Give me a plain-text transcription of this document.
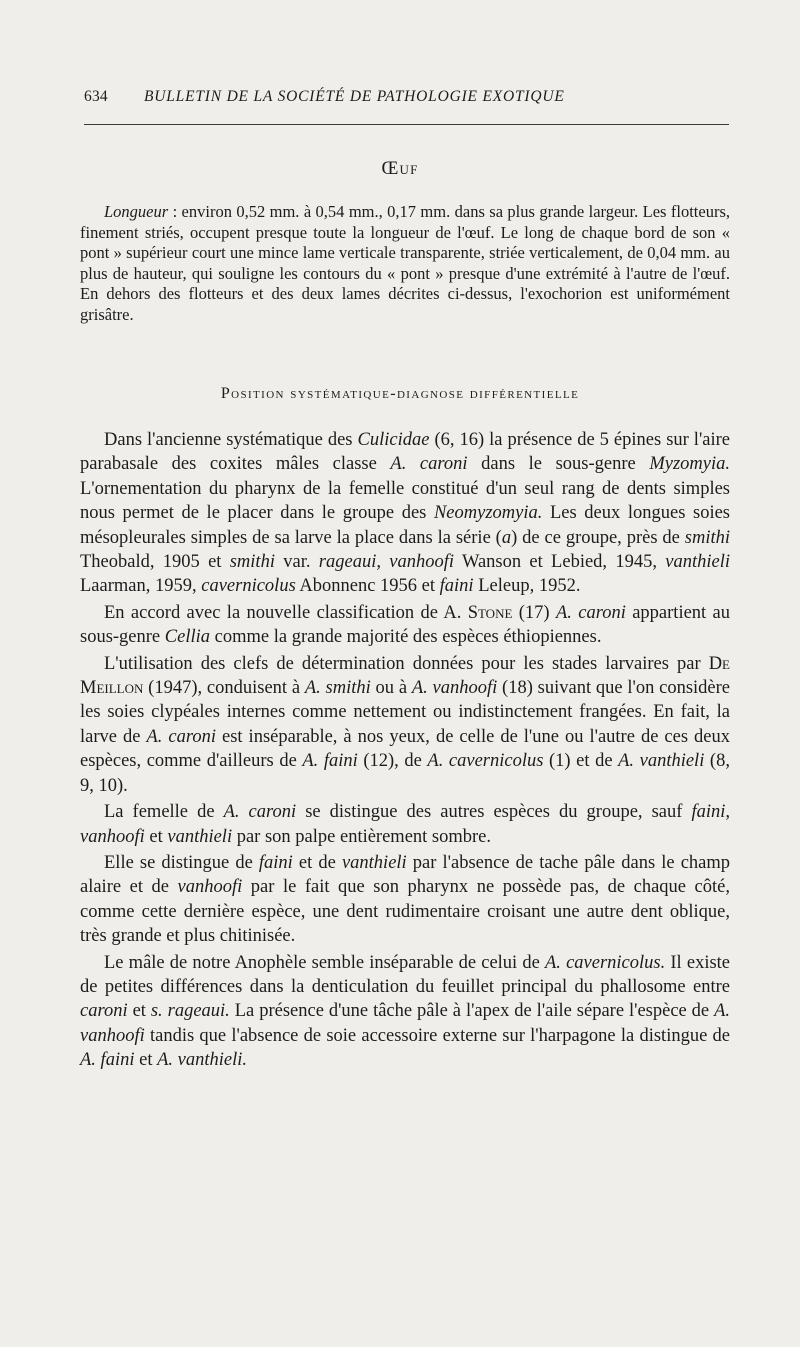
634	BULLETIN DE LA SOCIÉTÉ DE PATHOLOGIE EXOTIQUE
Œuf

Longueur : environ 0,52 mm. à 0,54 mm., 0,17 mm. dans sa plus grande largeur. Les flotteurs, finement striés, occupent presque toute la longueur de l'œuf. Le long de chaque bord de son « pont » supérieur court une mince lame verticale transparente, striée verticalement, de 0,04 mm. au plus de hauteur, qui souligne les contours du « pont » presque d'une extrémité à l'autre de l'œuf. En dehors des flotteurs et des deux lames décrites ci-dessus, l'exochorion est uniformément grisâtre.

Position systématique-diagnose différentielle

Dans l'ancienne systématique des Culicidae (6, 16) la présence de 5 épines sur l'aire parabasale des coxites mâles classe A. caroni dans le sous-genre Myzomyia. L'ornementation du pharynx de la femelle constitué d'un seul rang de dents simples nous permet de le placer dans le groupe des Neomyzomyia. Les deux longues soies mésopleurales simples de sa larve la place dans la série (a) de ce groupe, près de smithi Theobald, 1905 et smithi var. rageaui, vanhoofi Wanson et Lebied, 1945, vanthieli Laarman, 1959, cavernicolus Abonnenc 1956 et faini Leleup, 1952.

En accord avec la nouvelle classification de A. Stone (17) A. caroni appartient au sous-genre Cellia comme la grande majorité des espèces éthiopiennes.

L'utilisation des clefs de détermination données pour les stades larvaires par De Meillon (1947), conduisent à A. smithi ou à A. vanhoofi (18) suivant que l'on considère les soies clypéales internes comme nettement ou indistinctement frangées. En fait, la larve de A. caroni est inséparable, à nos yeux, de celle de l'une ou l'autre de ces deux espèces, comme d'ailleurs de A. faini (12), de A. cavernicolus (1) et de A. vanthieli (8, 9, 10).

La femelle de A. caroni se distingue des autres espèces du groupe, sauf faini, vanhoofi et vanthieli par son palpe entièrement sombre.

Elle se distingue de faini et de vanthieli par l'absence de tache pâle dans le champ alaire et de vanhoofi par le fait que son pharynx ne possède pas, de chaque côté, comme cette dernière espèce, une dent rudimentaire croisant une autre dent oblique, très grande et plus chitinisée.

Le mâle de notre Anophèle semble inséparable de celui de A. cavernicolus. Il existe de petites différences dans la denticulation du feuillet principal du phallosome entre caroni et s. rageaui. La présence d'une tâche pâle à l'apex de l'aile sépare l'espèce de A. vanhoofi tandis que l'absence de soie accessoire externe sur l'harpagone la distingue de A. faini et A. vanthieli.
